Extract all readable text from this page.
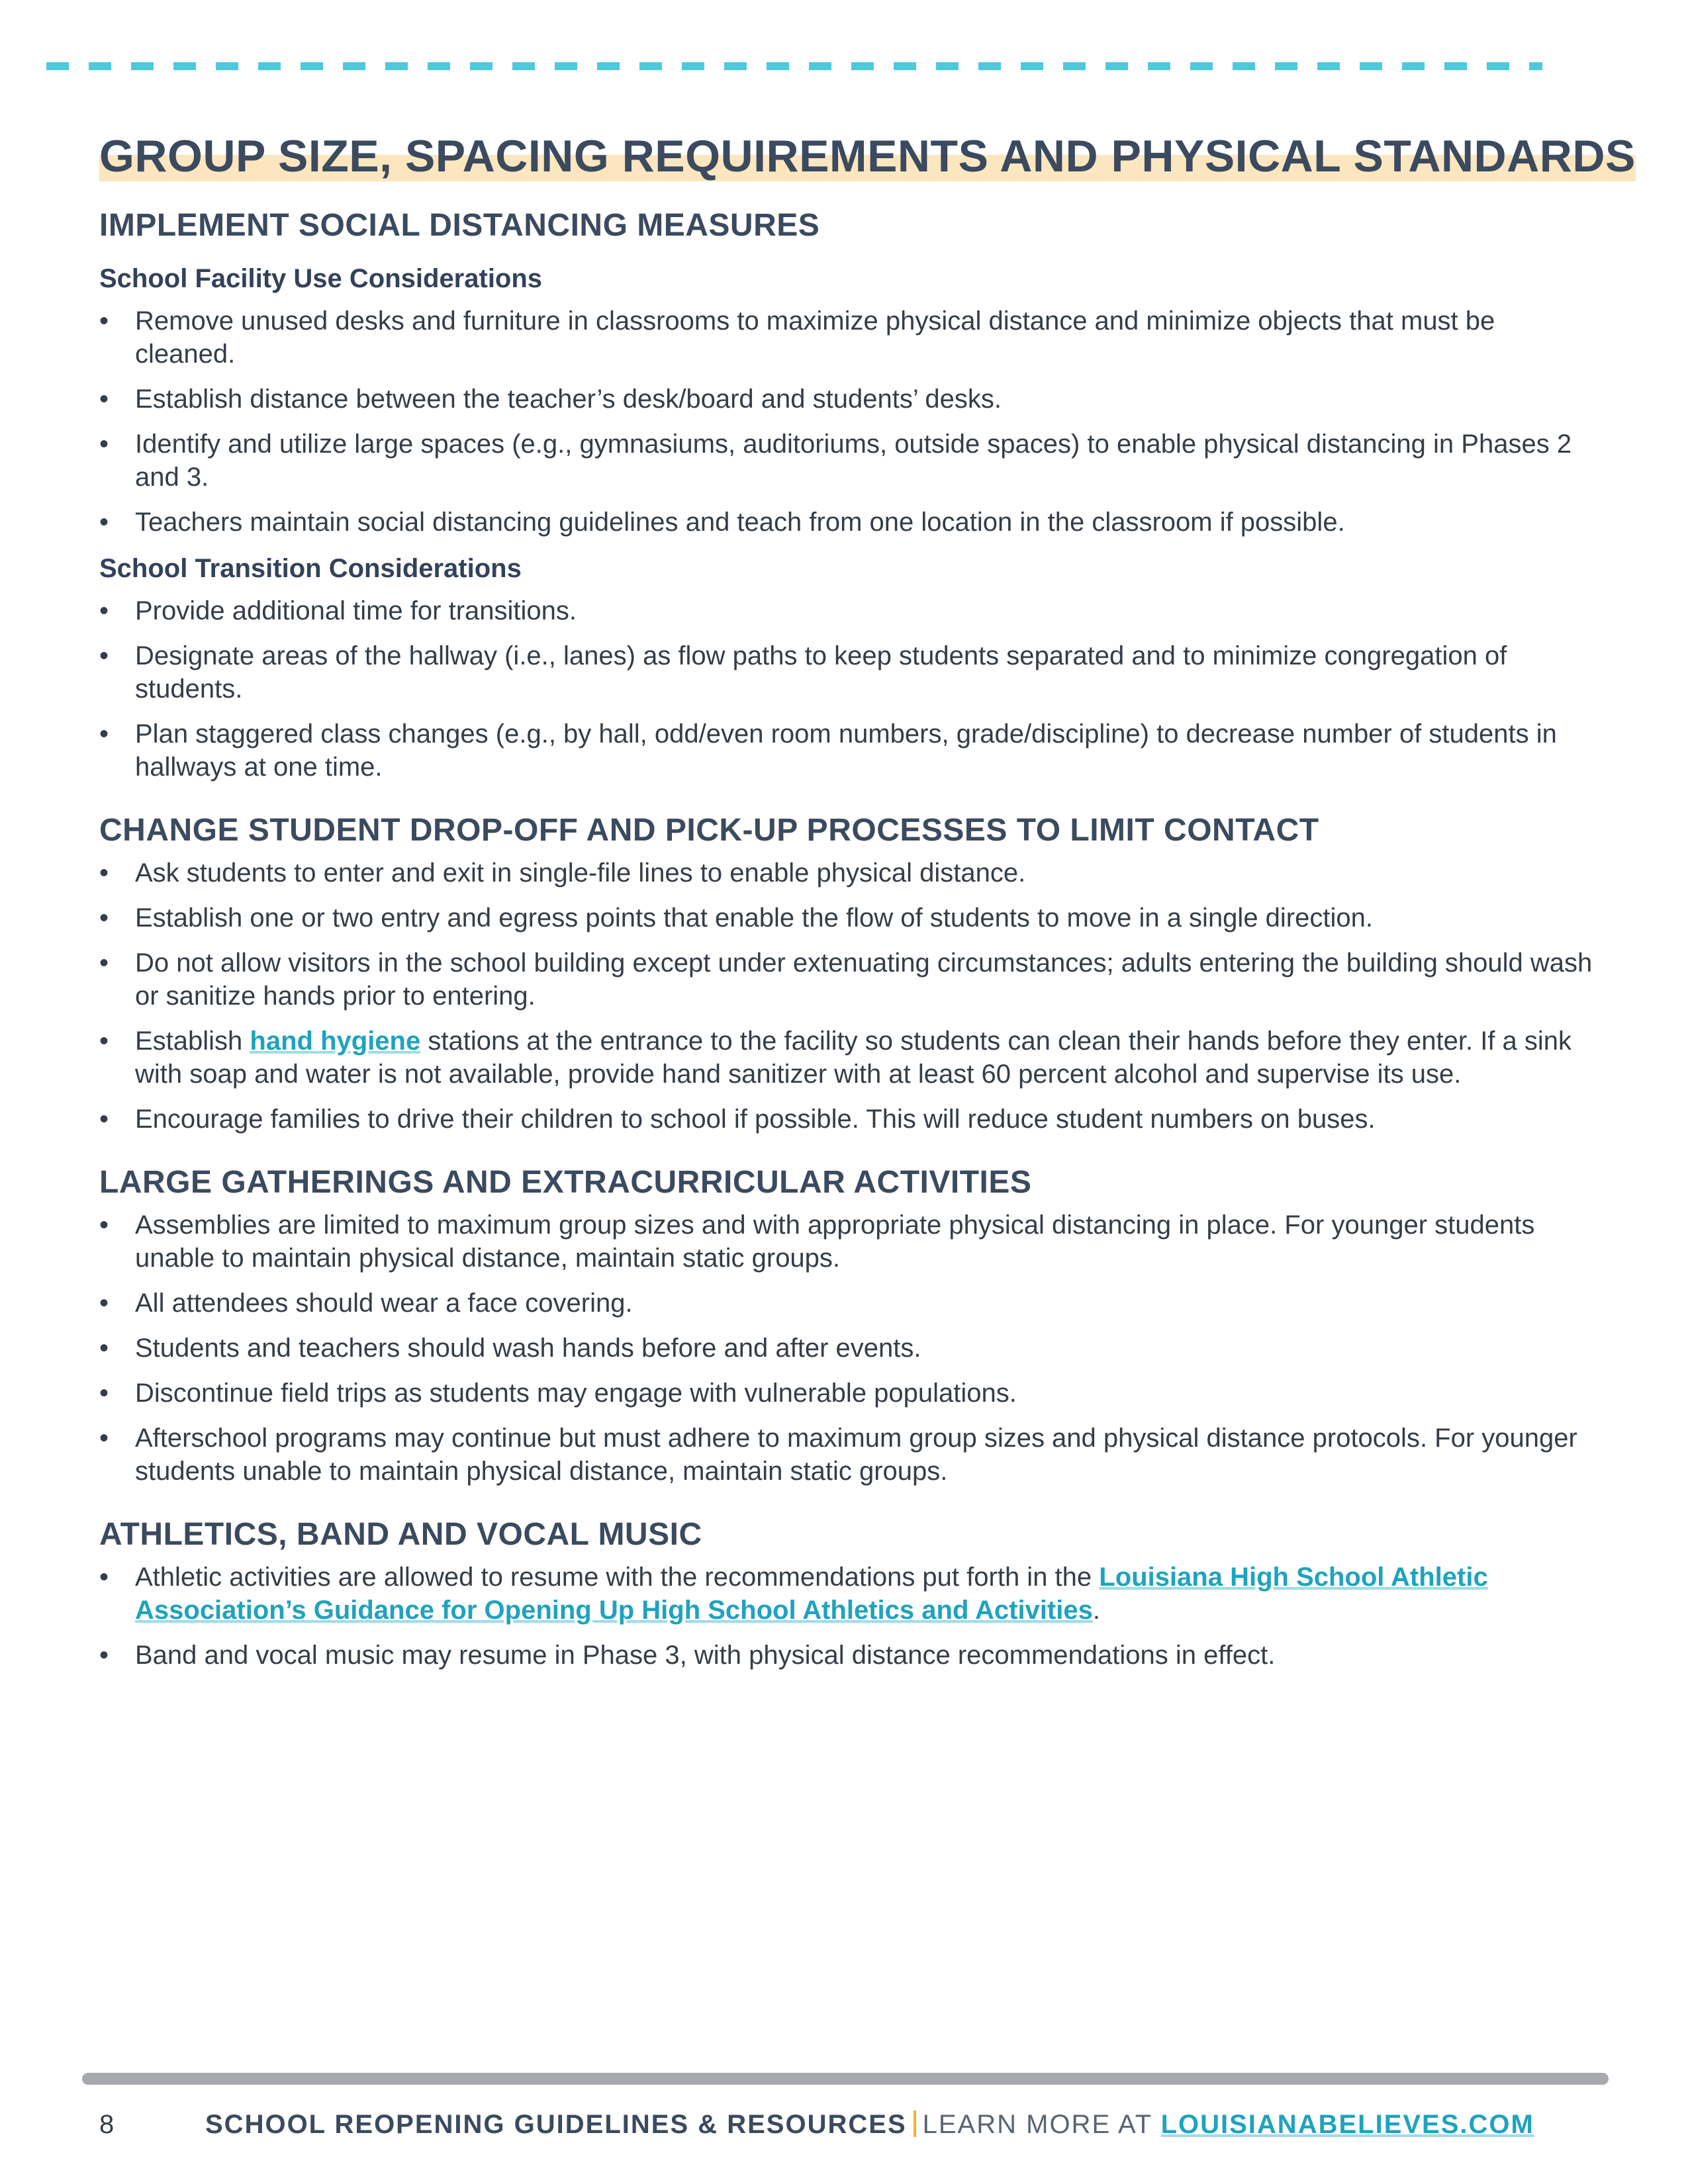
GROUP SIZE, SPACING REQUIREMENTS AND PHYSICAL STANDARDS
IMPLEMENT SOCIAL DISTANCING MEASURES
School Facility Use Considerations
• Remove unused desks and furniture in classrooms to maximize physical distance and minimize objects that must be cleaned.
• Establish distance between the teacher’s desk/board and students’ desks.
• Identify and utilize large spaces (e.g., gymnasiums, auditoriums, outside spaces) to enable physical distancing in Phases 2 and 3.
• Teachers maintain social distancing guidelines and teach from one location in the classroom if possible.
School Transition Considerations
• Provide additional time for transitions.
• Designate areas of the hallway (i.e., lanes) as flow paths to keep students separated and to minimize congregation of students.
• Plan staggered class changes (e.g., by hall, odd/even room numbers, grade/discipline) to decrease number of students in hallways at one time.
CHANGE STUDENT DROP-OFF AND PICK-UP PROCESSES TO LIMIT CONTACT
• Ask students to enter and exit in single-file lines to enable physical distance.
• Establish one or two entry and egress points that enable the flow of students to move in a single direction.
• Do not allow visitors in the school building except under extenuating circumstances; adults entering the building should wash or sanitize hands prior to entering.
• Establish hand hygiene stations at the entrance to the facility so students can clean their hands before they enter. If a sink with soap and water is not available, provide hand sanitizer with at least 60 percent alcohol and supervise its use.
• Encourage families to drive their children to school if possible. This will reduce student numbers on buses.
LARGE GATHERINGS AND EXTRACURRICULAR ACTIVITIES
• Assemblies are limited to maximum group sizes and with appropriate physical distancing in place. For younger students unable to maintain physical distance, maintain static groups.
• All attendees should wear a face covering.
• Students and teachers should wash hands before and after events.
• Discontinue field trips as students may engage with vulnerable populations.
• Afterschool programs may continue but must adhere to maximum group sizes and physical distance protocols. For younger students unable to maintain physical distance, maintain static groups.
ATHLETICS, BAND AND VOCAL MUSIC
• Athletic activities are allowed to resume with the recommendations put forth in the Louisiana High School Athletic Association’s Guidance for Opening Up High School Athletics and Activities.
• Band and vocal music may resume in Phase 3, with physical distance recommendations in effect.
8	SCHOOL REOPENING GUIDELINES & RESOURCES LEARN MORE AT LOUISIANABELIEVES.COM
